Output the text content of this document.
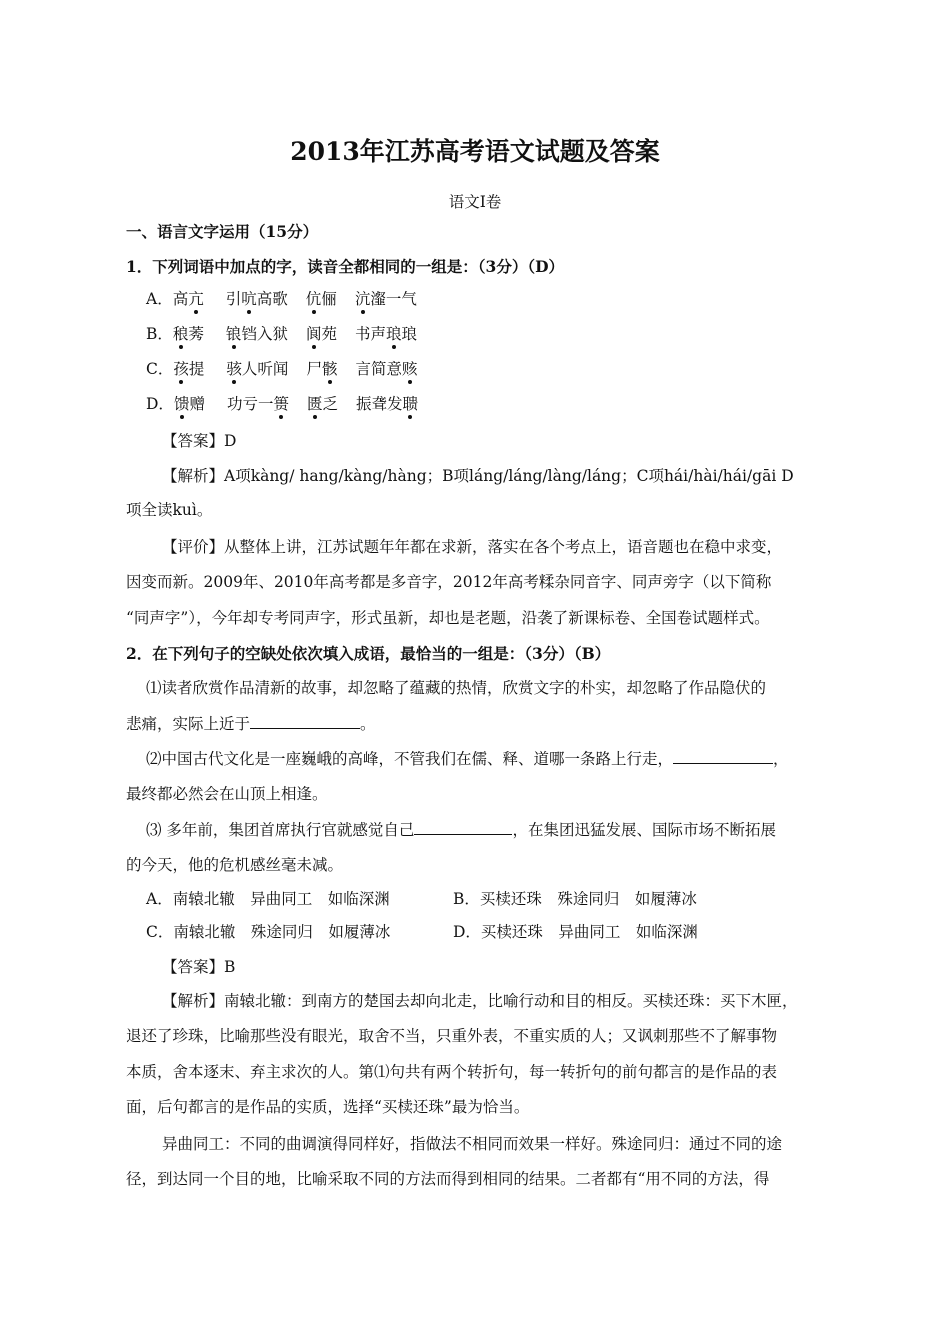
2013年江苏高考语文试题及答案
语文Ⅰ卷
一、语言文字运用（15分）
1．下列词语中加点的字，读音全都相同的一组是：（3分）（D）
A．高亢 引吭高歌 伉俪 沆瀣一气
B．稂莠 锒铛入狱 阆苑 书声琅琅
C．孩提 骇人听闻 尸骸 言简意赅
D．馈赠 功亏一篑 匮乏 振聋发聩
【答案】D
【解析】A项kàng/ hang/kàng/hàng；B项láng/láng/làng/láng；C项hái/hài/hái/gāi D
项全读kuì。
【评价】从整体上讲，江苏试题年年都在求新，落实在各个考点上，语音题也在稳中求变，
因变而新。2009年、2010年高考都是多音字，2012年高考糅杂同音字、同声旁字（以下简称
“同声字”），今年却专考同声字，形式虽新，却也是老题，沿袭了新课标卷、全国卷试题样式。
2．在下列句子的空缺处依次填入成语，最恰当的一组是：（3分）（B）
⑴读者欣赏作品清新的故事，却忽略了蕴藏的热情，欣赏文字的朴实，却忽略了作品隐伏的
悲痛，实际上近于	。
⑵中国古代文化是一座巍峨的高峰，不管我们在儒、释、道哪一条路上行走，	，
最终都必然会在山顶上相逢。
⑶ 多年前，集团首席执行官就感觉自己	，在集团迅猛发展、国际市场不断拓展
的今天，他的危机感丝毫未减。
A．南辕北辙　异曲同工　如临深渊	B．买椟还珠　殊途同归　如履薄冰
C．南辕北辙　殊途同归　如履薄冰	D．买椟还珠　异曲同工　如临深渊
【答案】B
【解析】南辕北辙：到南方的楚国去却向北走，比喻行动和目的相反。买椟还珠：买下木匣，
退还了珍珠，比喻那些没有眼光，取舍不当，只重外表，不重实质的人；又讽刺那些不了解事物
本质，舍本逐末、弃主求次的人。第⑴句共有两个转折句，每一转折句的前句都言的是作品的表
面，后句都言的是作品的实质，选择“买椟还珠”最为恰当。
异曲同工：不同的曲调演得同样好，指做法不相同而效果一样好。殊途同归：通过不同的途
径，到达同一个目的地，比喻采取不同的方法而得到相同的结果。二者都有“用不同的方法，得
